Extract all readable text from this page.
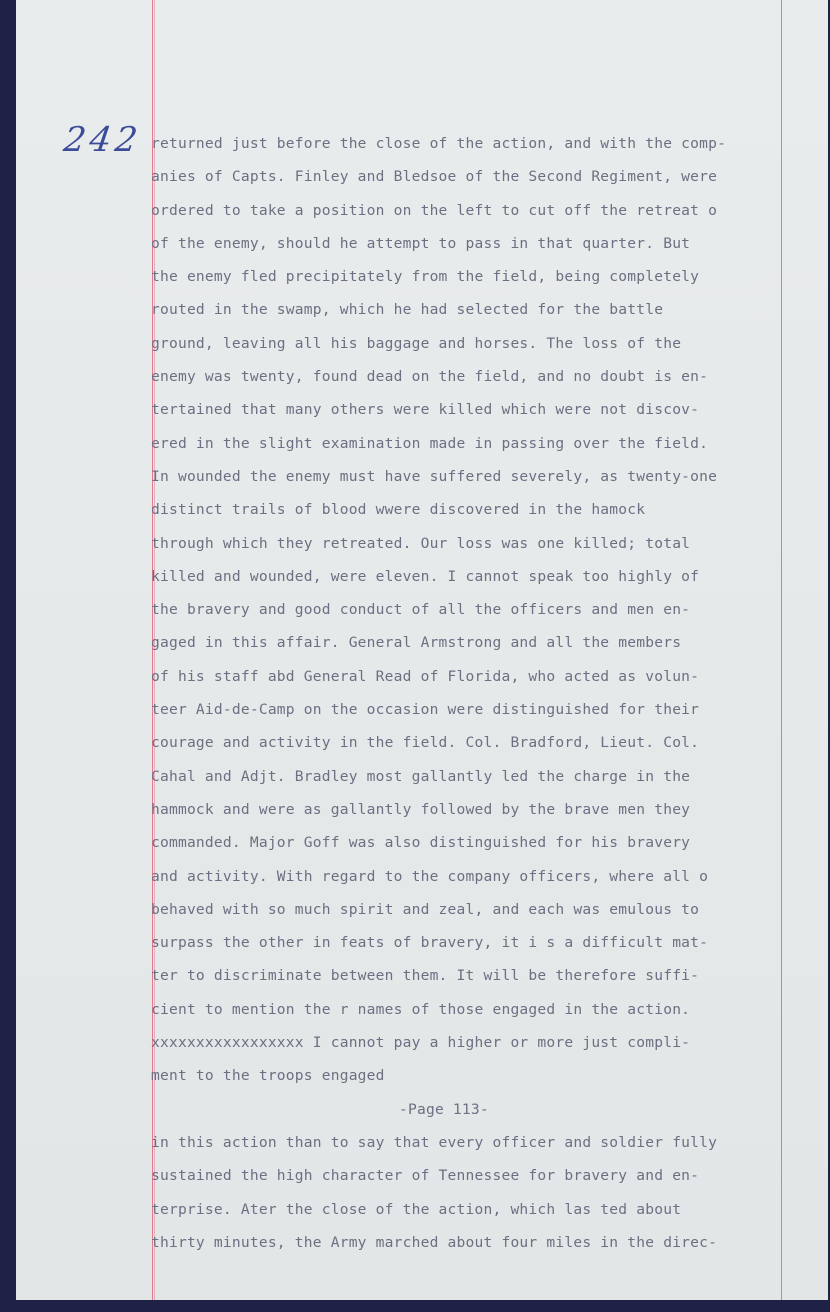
242 returned just before the close of the action, and with the comp-
anies of Capts. Finley and Bledsoe of the Second Regiment, were
ordered to take a position on the left to cut off the retreat o
of the enemy, should he attempt to pass in that quarter. But
the enemy fled precipitately from the field, being completely
routed in the swamp, which he had selected for the battle
ground, leaving all his baggage and horses. The loss of the
enemy was twenty, found dead on the field, and no doubt is en-
tertained that many others were killed which were not discov-
ered in the slight examination made in passing over the field.
In wounded the enemy must have suffered severely, as twenty-one
distinct trails of blood wwere discovered in the hamock
through which they retreated. Our loss was one killed; total
killed and wounded, were eleven. I cannot speak too highly of
the bravery and good conduct of all the officers and men en-
gaged in this affair. General Armstrong and all the members
of his staff abd General Read of Florida, who acted as volun-
teer Aid-de-Camp on the occasion were distinguished for their
courage and activity in the field. Col. Bradford, Lieut. Col.
Cahal and Adjt. Bradley most gallantly led the charge in the
hammock and were as gallantly followed by the brave men they
commanded. Major Goff was also distinguished for his bravery
and activity. With regard to the company officers, where all o
behaved with so much spirit and zeal, and each was emulous to
surpass the other in feats of bravery, it i s a difficult mat-
ter to discriminate between them. It will be therefore suffi-
cient to mention the r names of those engaged in the action.
xxxxxxxxxxxxxxxxx I cannot pay a higher or more just compli-
ment to the troops engaged
-Page 113-
in this action than to say that every officer and soldier fully
sustained the high character of Tennessee for bravery and en-
terprise. Ater the close of the action, which las ted about
thirty minutes, the Army marched about four miles in the direc-
